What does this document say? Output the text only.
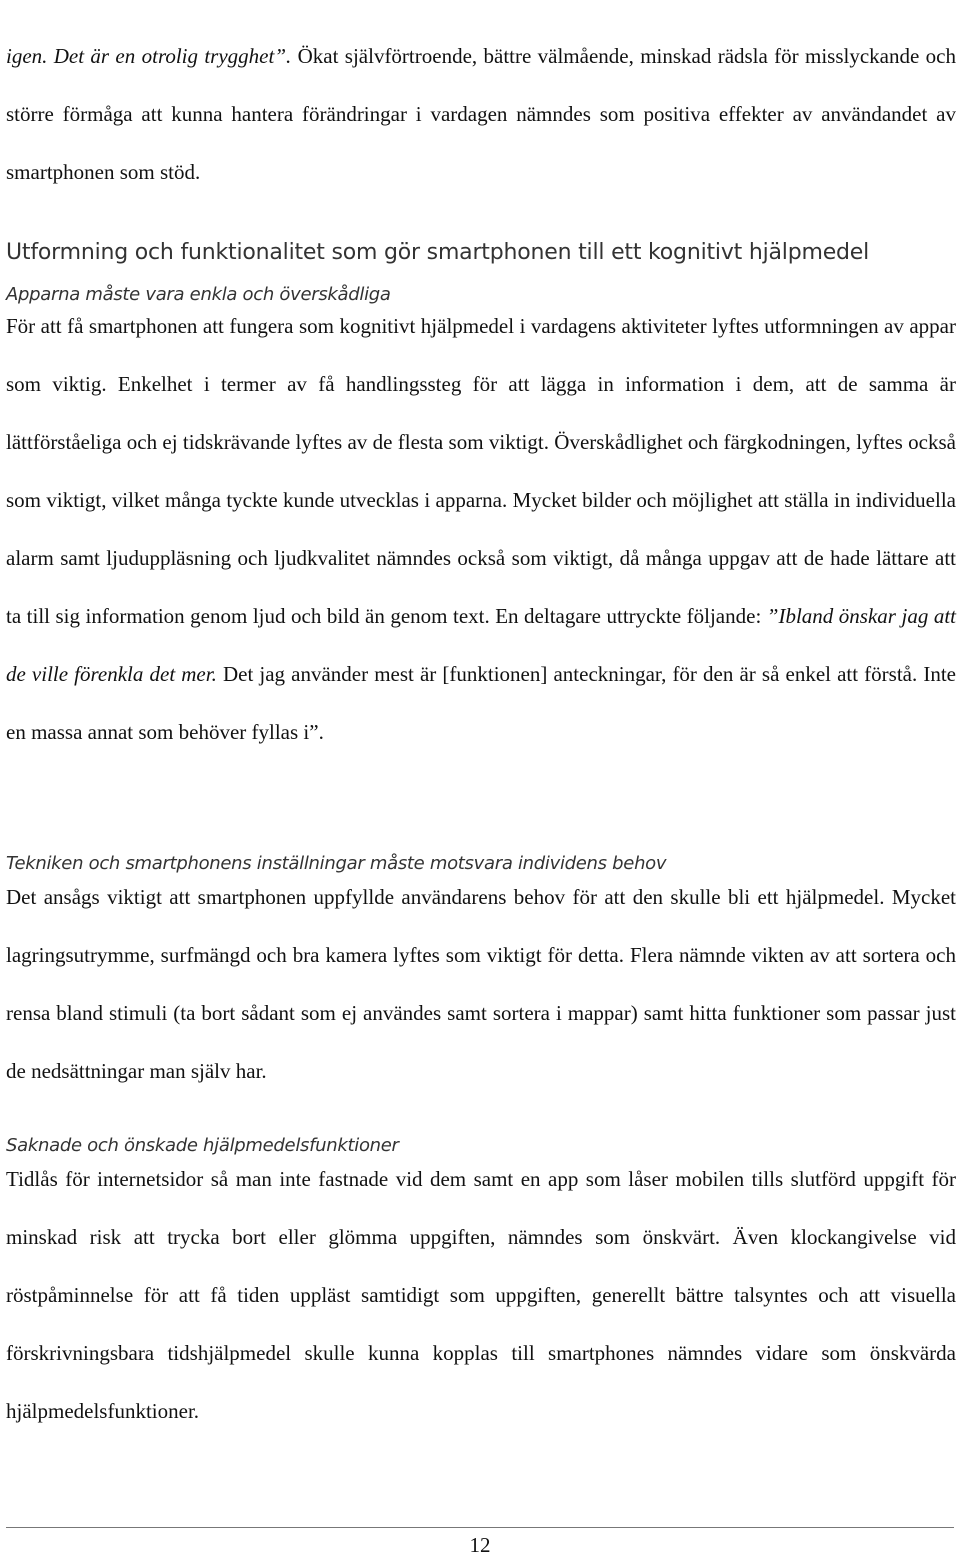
igen. Det är en otrolig trygghet”. Ökat självförtroende, bättre välmående, minskad rädsla för misslyckande och större förmåga att kunna hantera förändringar i vardagen nämndes som positiva effekter av användandet av smartphonen som stöd.

Utformning och funktionalitet som gör smartphonen till ett kognitivt hjälpmedel
Apparna måste vara enkla och överskådliga

För att få smartphonen att fungera som kognitivt hjälpmedel i vardagens aktiviteter lyftes utformningen av appar som viktig. Enkelhet i termer av få handlingssteg för att lägga in information i dem, att de samma är lättförståeliga och ej tidskrävande lyftes av de flesta som viktigt. Överskådlighet och färgkodningen, lyftes också som viktigt, vilket många tyckte kunde utvecklas i apparna. Mycket bilder och möjlighet att ställa in individuella alarm samt ljuduppläsning och ljudkvalitet nämndes också som viktigt, då många uppgav att de hade lättare att ta till sig information genom ljud och bild än genom text. En deltagare uttryckte följande: ”Ibland önskar jag att de ville förenkla det mer. Det jag använder mest är [funktionen] anteckningar, för den är så enkel att förstå. Inte en massa annat som behöver fyllas i”.

Tekniken och smartphonens inställningar måste motsvara individens behov

Det ansågs viktigt att smartphonen uppfyllde användarens behov för att den skulle bli ett hjälpmedel. Mycket lagringsutrymme, surfmängd och bra kamera lyftes som viktigt för detta. Flera nämnde vikten av att sortera och rensa bland stimuli (ta bort sådant som ej användes samt sortera i mappar) samt hitta funktioner som passar just de nedsättningar man själv har.

Saknade och önskade hjälpmedelsfunktioner

Tidlås för internetsidor så man inte fastnade vid dem samt en app som låser mobilen tills slutförd uppgift för minskad risk att trycka bort eller glömma uppgiften, nämndes som önskvärt. Även klockangivelse vid röstpåminnelse för att få tiden uppläst samtidigt som uppgiften, generellt bättre talsyntes och att visuella förskrivningsbara tidshjälpmedel skulle kunna kopplas till smartphones nämndes vidare som önskvärda hjälpmedelsfunktioner.

12
